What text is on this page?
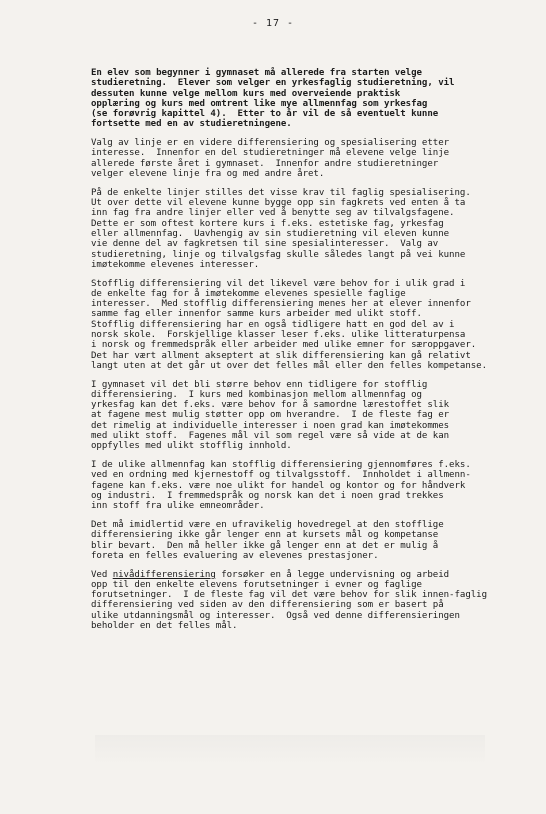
- 17 -

En elev som begynner i gymnaset må allerede fra starten velge
studieretning.  Elever som velger en yrkesfaglig studieretning, vil
dessuten kunne velge mellom kurs med overveiende praktisk
opplæring og kurs med omtrent like mye allmennfag som yrkesfag
(se forøvrig kapittel 4).  Etter to år vil de så eventuelt kunne
fortsette med en av studieretningene.

Valg av linje er en videre differensiering og spesialisering etter
interesse.  Innenfor en del studieretninger må elevene velge linje
allerede første året i gymnaset.  Innenfor andre studieretninger
velger elevene linje fra og med andre året.

På de enkelte linjer stilles det visse krav til faglig spesialisering.
Ut over dette vil elevene kunne bygge opp sin fagkrets ved enten å ta
inn fag fra andre linjer eller ved å benytte seg av tilvalgsfagene.
Dette er som oftest kortere kurs i f.eks. estetiske fag, yrkesfag
eller allmennfag.  Uavhengig av sin studieretning vil eleven kunne
vie denne del av fagkretsen til sine spesialinteresser.  Valg av
studieretning, linje og tilvalgsfag skulle således langt på vei kunne
imøtekomme elevenes interesser.

Stofflig differensiering vil det likevel være behov for i ulik grad i
de enkelte fag for å imøtekomme elevenes spesielle faglige
interesser.  Med stofflig differensiering menes her at elever innenfor
samme fag eller innenfor samme kurs arbeider med ulikt stoff.
Stofflig differensiering har en også tidligere hatt en god del av i
norsk skole.  Forskjellige klasser leser f.eks. ulike litteraturpensa
i norsk og fremmedspråk eller arbeider med ulike emner for særoppgaver.
Det har vært allment akseptert at slik differensiering kan gå relativt
langt uten at det går ut over det felles mål eller den felles kompetanse.

I gymnaset vil det bli større behov enn tidligere for stofflig
differensiering.  I kurs med kombinasjon mellom allmennfag og
yrkesfag kan det f.eks. være behov for å samordne lærestoffet slik
at fagene mest mulig støtter opp om hverandre.  I de fleste fag er
det rimelig at individuelle interesser i noen grad kan imøtekommes
med ulikt stoff.  Fagenes mål vil som regel være så vide at de kan
oppfylles med ulikt stofflig innhold.

I de ulike allmennfag kan stofflig differensiering gjennomføres f.eks.
ved en ordning med kjernestoff og tilvalgsstoff.  Innholdet i allmenn-
fagene kan f.eks. være noe ulikt for handel og kontor og for håndverk
og industri.  I fremmedspråk og norsk kan det i noen grad trekkes
inn stoff fra ulike emneområder.

Det må imidlertid være en ufravikelig hovedregel at den stofflige
differensiering ikke går lenger enn at kursets mål og kompetanse
blir bevart.  Den må heller ikke gå lenger enn at det er mulig å
foreta en felles evaluering av elevenes prestasjoner.

Ved nivådifferensiering forsøker en å legge undervisning og arbeid
opp til den enkelte elevens forutsetninger i evner og faglige
forutsetninger.  I de fleste fag vil det være behov for slik innen-faglig
differensiering ved siden av den differensiering som er basert på
ulike utdanningsmål og interesser.  Også ved denne differensieringen
beholder en det felles mål.
